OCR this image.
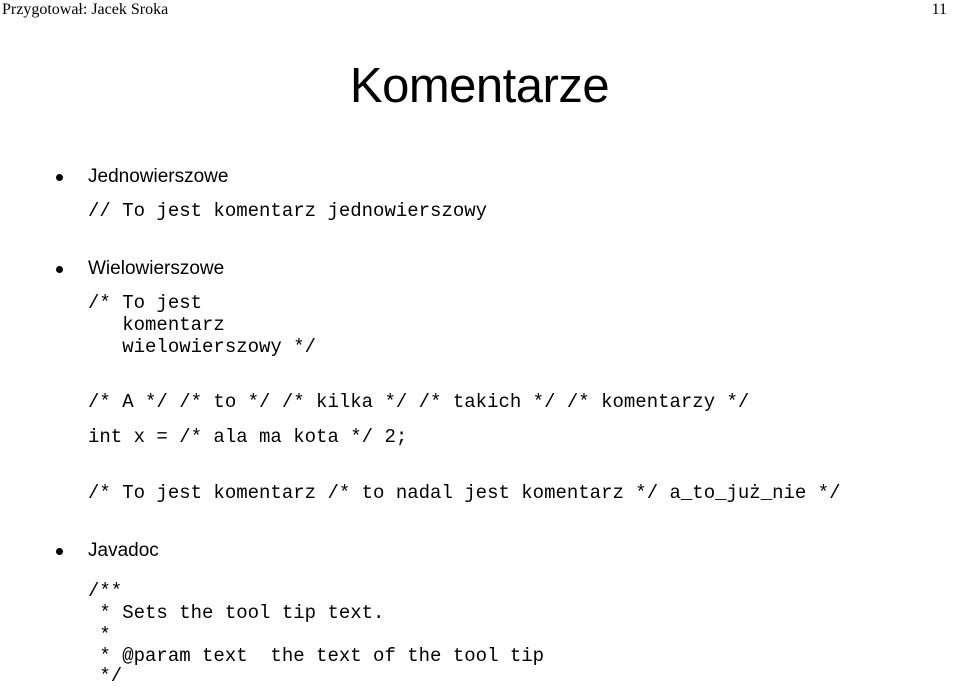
Przygotował: Jacek Sroka	11
Komentarze
Jednowierszowe
// To jest komentarz jednowierszowy
Wielowierszowe
/* To jest
komentarz
wielowierszowy */
/* A */ /* to */ /* kilka */ /* takich */ /* komentarzy */
int x = /* ala ma kota */ 2;
/* To jest komentarz /* to nadal jest komentarz */ a_to_już_nie */
Javadoc
/**
* Sets the tool tip text.
*
* @param text  the text of the tool tip
*/
